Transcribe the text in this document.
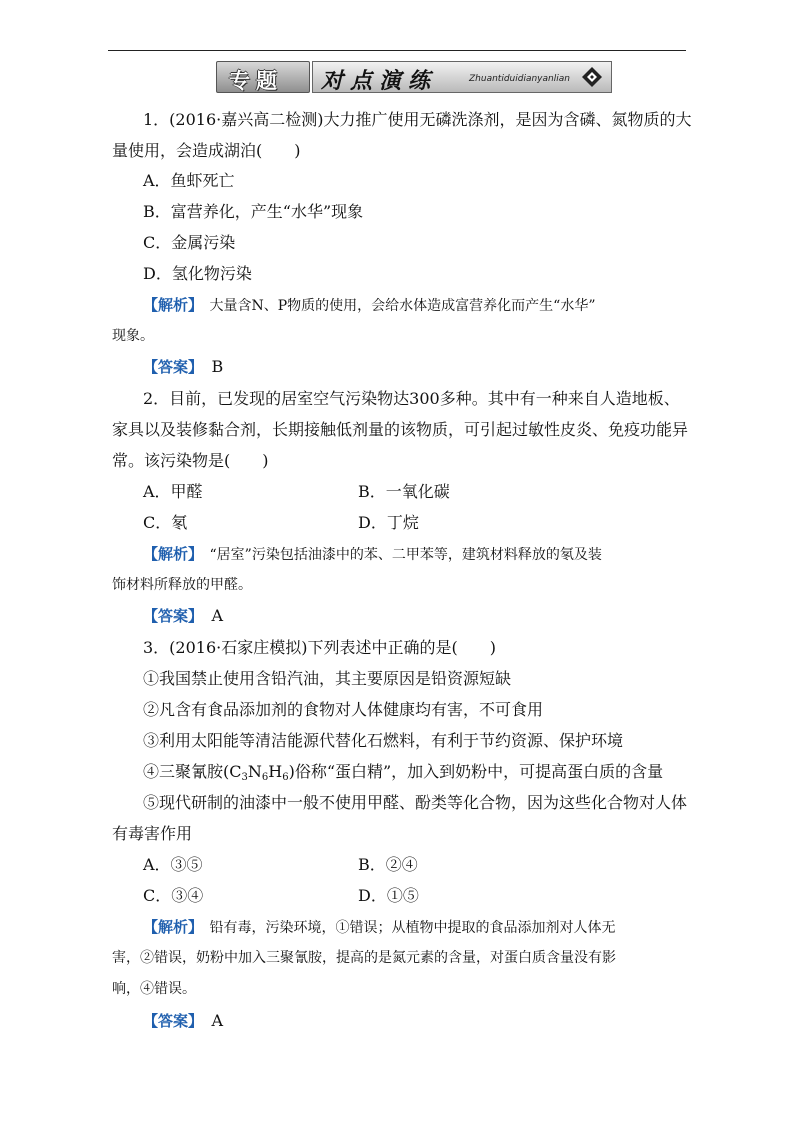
专题 对点演练	Zhuantiduidianyanlian
1．(2016·嘉兴高二检测)大力推广使用无磷洗涤剂，是因为含磷、氮物质的大
量使用，会造成湖泊(　　)
A．鱼虾死亡
B．富营养化，产生“水华”现象
C．金属污染
D．氢化物污染
【解析】　大量含N、P物质的使用，会给水体造成富营养化而产生“水华”
现象。
【答案】　B
2．目前，已发现的居室空气污染物达300多种。其中有一种来自人造地板、
家具以及装修黏合剂，长期接触低剂量的该物质，可引起过敏性皮炎、免疫功能异
常。该污染物是(　　)
A．甲醛	B．一氧化碳
C．氡	D．丁烷
【解析】　“居室”污染包括油漆中的苯、二甲苯等，建筑材料释放的氡及装
饰材料所释放的甲醛。
【答案】　A
3．(2016·石家庄模拟)下列表述中正确的是(　　)
①我国禁止使用含铅汽油，其主要原因是铅资源短缺
②凡含有食品添加剂的食物对人体健康均有害，不可食用
③利用太阳能等清洁能源代替化石燃料，有利于节约资源、保护环境
④三聚氰胺$(C_3N_6H_6)$俗称“蛋白精”，加入到奶粉中，可提高蛋白质的含量
⑤现代研制的油漆中一般不使用甲醛、酚类等化合物，因为这些化合物对人体
有毒害作用
A．③⑤	B．②④
C．③④	D．①⑤
【解析】　铅有毒，污染环境，①错误；从植物中提取的食品添加剂对人体无
害，②错误，奶粉中加入三聚氰胺，提高的是氮元素的含量，对蛋白质含量没有影
响，④错误。
【答案】　A
